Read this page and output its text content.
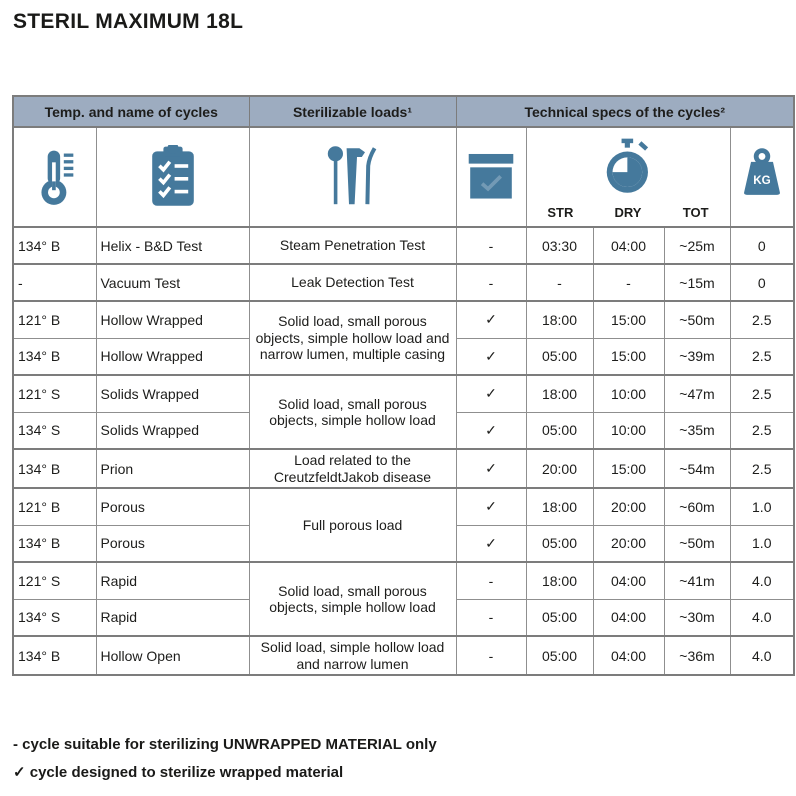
STERIL MAXIMUM 18L
Temp. and name of cycles		Sterilizable loads¹	Technical specs of the cycles²				

STR DRY TOT			KG

134° B	Helix - B&D Test	Steam Penetration Test	-	03:30	04:00	~25m	0
-	Vacuum Test	Leak Detection Test	-	-	-	~15m	0
121° B	Hollow Wrapped	Solid load, small porous objects, simple hollow load and narrow lumen, multiple casing	✓	18:00	15:00	~50m	2.5
134° B	Hollow Wrapped		✓	05:00	15:00	~39m	2.5
121° S	Solids Wrapped	Solid load, small porous objects, simple hollow load	✓	18:00	10:00	~47m	2.5
134° S	Solids Wrapped		✓	05:00	10:00	~35m	2.5
134° B	Prion	Load related to the CreutzfeldtJakob disease	✓	20:00	15:00	~54m	2.5
121° B	Porous	Full porous load	✓	18:00	20:00	~60m	1.0
134° B	Porous		✓	05:00	20:00	~50m	1.0
121° S	Rapid	Solid load, small porous objects, simple hollow load	-	18:00	04:00	~41m	4.0
134° S	Rapid		-	05:00	04:00	~30m	4.0
134° B	Hollow Open	Solid load, simple hollow load and narrow lumen	-	05:00	04:00	~36m	4.0
- cycle suitable for sterilizing UNWRAPPED MATERIAL only
✓ cycle designed to sterilize wrapped material
